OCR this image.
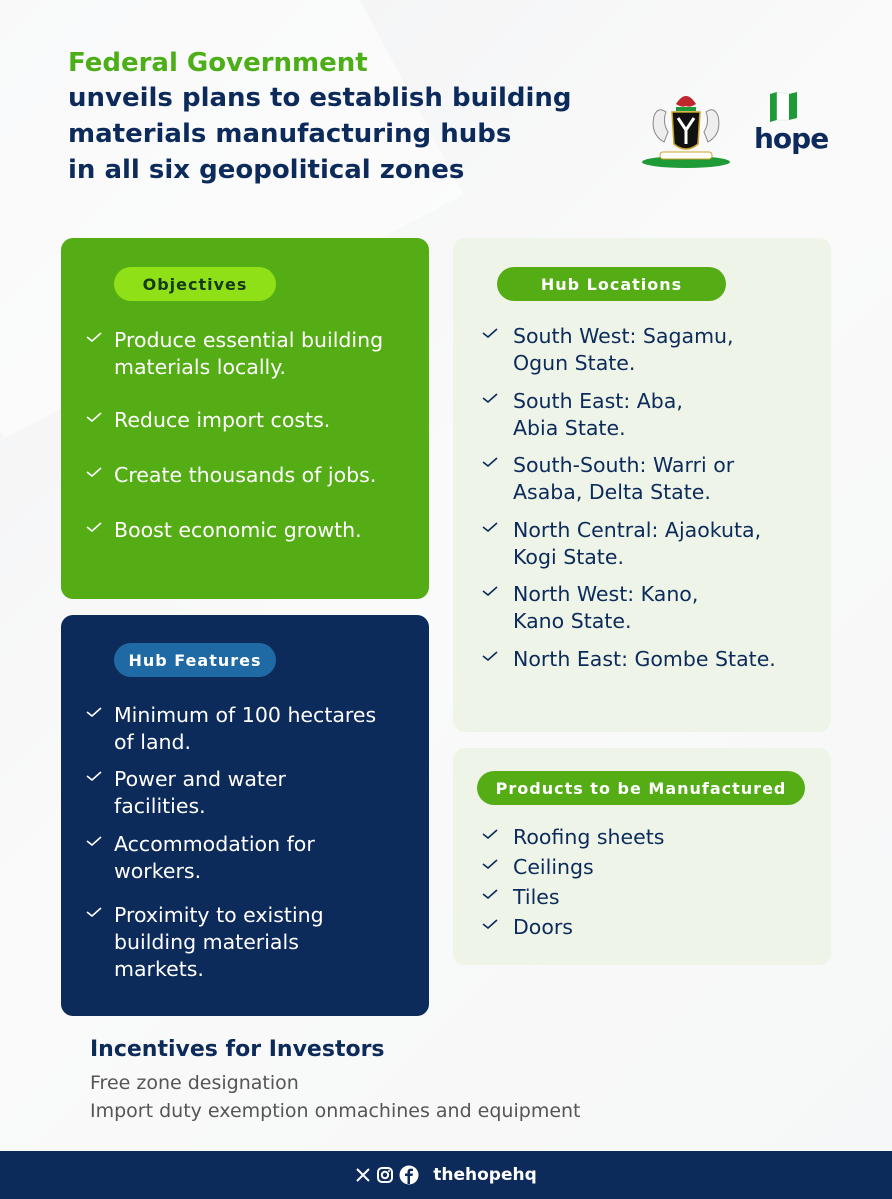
Federal Government
unveils plans to establish building
materials manufacturing hubs
in all six geopolitical zones
hope
Objectives
Produce essential building
materials locally.
Reduce import costs.
Create thousands of jobs.
Boost economic growth.
Hub Features
Minimum of 100 hectares
of land.
Power and water
facilities.
Accommodation for
workers.
Proximity to existing
building materials
markets.
Hub Locations
South West: Sagamu,
Ogun State.
South East: Aba,
Abia State.
South-South: Warri or
Asaba, Delta State.
North Central: Ajaokuta,
Kogi State.
North West: Kano,
Kano State.
North East: Gombe State.
Products to be Manufactured
Roofing sheets
Ceilings
Tiles
Doors
Incentives for Investors
Free zone designation
Import duty exemption onmachines and equipment
thehopehq
